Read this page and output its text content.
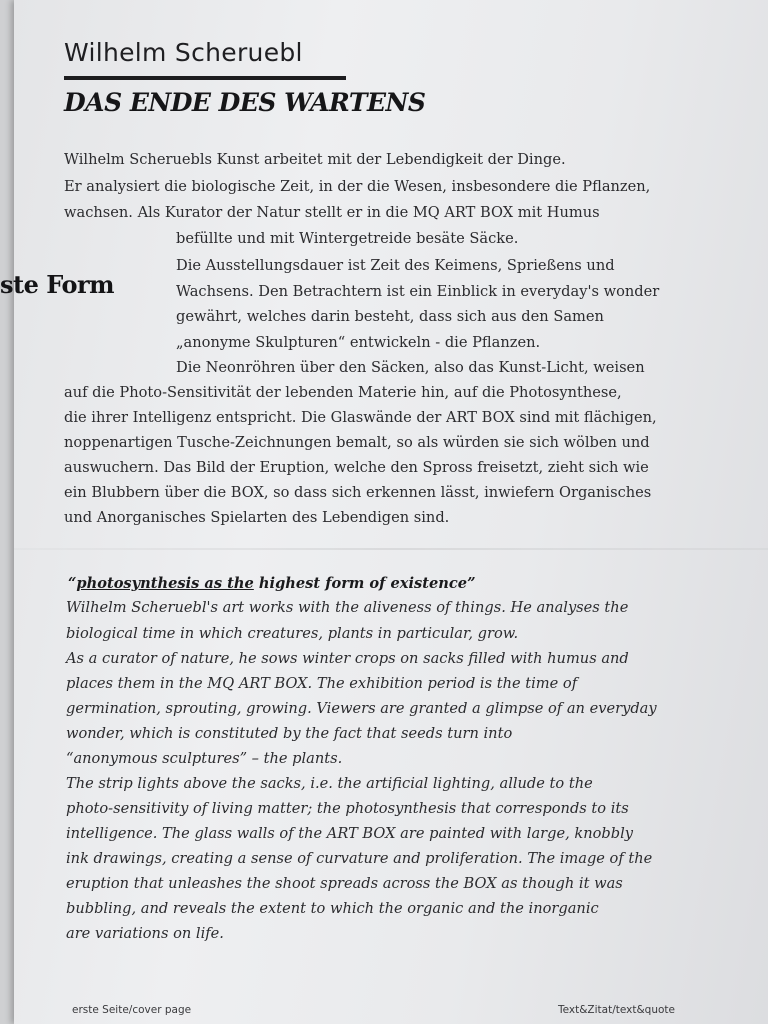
Wilhelm Scheruebl
DAS ENDE DES WARTENS
ste Form

Wilhelm Scheruebls Kunst arbeitet mit der Lebendigkeit der Dinge.

Er analysiert die biologische Zeit, in der die Wesen, insbesondere die Pflanzen,

wachsen. Als Kurator der Natur stellt er in die MQ ART BOX mit Humus

befüllte und mit Wintergetreide besäte Säcke.

Die Ausstellungsdauer ist Zeit des Keimens, Sprießens und

Wachsens. Den Betrachtern ist ein Einblick in everyday's wonder

gewährt, welches darin besteht, dass sich aus den Samen

„anonyme Skulpturen“ entwickeln - die Pflanzen.

Die Neonröhren über den Säcken, also das Kunst-Licht, weisen

auf die Photo-Sensitivität der lebenden Materie hin, auf die Photosynthese,

die ihrer Intelligenz entspricht. Die Glaswände der ART BOX sind mit flächigen,

noppenartigen Tusche-Zeichnungen bemalt, so als würden sie sich wölben und

auswuchern. Das Bild der Eruption, welche den Spross freisetzt, zieht sich wie

ein Blubbern über die BOX, so dass sich erkennen lässt, inwiefern Organisches

und Anorganisches Spielarten des Lebendigen sind.

“photosynthesis as the highest form of existence”

Wilhelm Scheruebl's art works with the aliveness of things. He analyses the

biological time in which creatures, plants in particular, grow.

As a curator of nature, he sows winter crops on sacks filled with humus and

places them in the MQ ART BOX. The exhibition period is the time of

germination, sprouting, growing. Viewers are granted a glimpse of an everyday

wonder, which is constituted by the fact that seeds turn into

“anonymous sculptures” – the plants.

The strip lights above the sacks, i.e. the artificial lighting, allude to the

photo-sensitivity of living matter; the photosynthesis that corresponds to its

intelligence. The glass walls of the ART BOX are painted with large, knobbly

ink drawings, creating a sense of curvature and proliferation. The image of the

eruption that unleashes the shoot spreads across the BOX as though it was

bubbling, and reveals the extent to which the organic and the inorganic

are variations on life.

erste Seite/cover page	Text&Zitat/text&quote
